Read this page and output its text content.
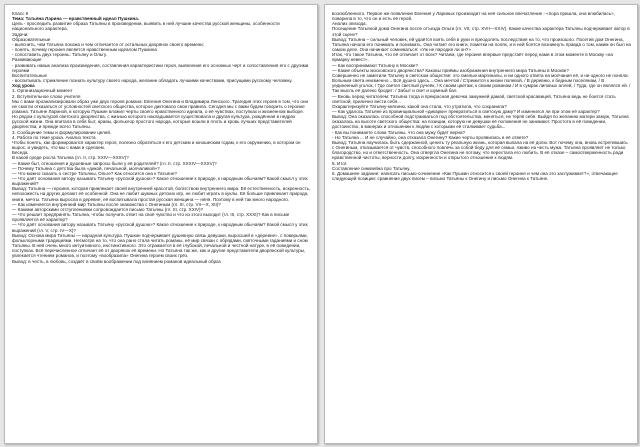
Класс 9

Тема: Татьяна Ларина — нравственный идеал Пушкина.

Цель - проследить развитие образа Татьяны в произведении, выявить в ней лучшие качества русской женщины, особенности национального характера.

Задачи:

Образовательные

- выяснить, чем Татьяна похожа и чем отличается от остальных дворянок своего времени;

- понять, почему героиня является нравственным идеалом Пушкина

- сопоставить двух героинь: Татьяну и Ольгу.

Развивающие

- развивать навык анализа произведения, составления характеристики героя, выявления его основных черт и сопоставления его с другими героями

Воспитательные

- воспитывать стремление познать культуру своего народа, желание обладать лучшими качествами, присущими русскому человеку.

Ход урока

1. Организационный момент

2. Вступительное слово учителя

Мы с вами проанализировали образ уже двух героев романа: Евгения Онегина и Владимира Ленского. Трагедия этих героев в том, что они не смогли отказаться от условностей светского общества, которое диктовало свои правила. Сегодня мы с вами будем говорить о героине романа. Татьяне Лариной, в которую Пушкин вложил черты своего нравственного идеала, о её чувствах, поступках и жизненном выборе.

Но рядом с культурой светского дворянства, с жизнью которого накладывается существовала и другая культура, рождённая в недрах русской жизни. Она впитала в себя быт, нравы, фольклор простого народа, которые вошли в плоть и кровь лучших представителей дворянства, и прежде всего Татьяны.

3. Сообщение темы и формулирование целей.

4. Работа по теме урока. Анализ текста

Чтобы понять, как формировался характер героя, полезно обратиться к его детским и юношеским годам, к его окружению, в котором он вырос, и увидеть, что мы с вами и сделаем.

Беседа.

В какой среде росла Татьяна (гл. II, стр. XXIV—XXXV)?

— Какие быт, отношения и душевные запросы были у её родителей? (гл. II, стр. XXXIV—XXXV)?

— Почему Татьяна с детства была «дикой, печальной, молчаливой»?

— Что можно сказать о сестре Татьяны, Ольге? Как относится она к Татьяне?

— Что даёт основания автору называть Татьяну «русской душою»? Какое отношение к природе, к народным обычаям? Какой смысл у этих выражений?

Вывод: Татьяна — героиня, которая привлекает своей внутренней красотой, богатством внутреннего мира. Её естественность, искренность, непохожесть на других делают её особенной. Она не любит шумных детских игр, не любит играть в куклы. Её больше привлекает природа, книги, мечты. Татьяна выросла в деревне, её воспитывала простая русская женщина — няня. Поэтому в ней так много народного.

— Как изменяется внутренний мир Татьяны после знакомства с Онегиным (гл. III, стр. VII—X, XII)?

— Какими авторскими отступлениями сопровождается письмо Татьяны (гл. III, стр. XXIV)?

— Что решает предпринять Татьяна, чтобы получить ответ на своё чувство и что из этого выходит (гл. III, стр. XXXI)? Как в письме проявляется её характер?

— Что даёт основания автору называть Татьяну «русской душою»? Какое отношение к природе, к народным обычаям? Какой смысл у этих выражений (гл. V, стр. IV—X)?

Вывод: Основа мира Татьяны — народная культура. Пушкин подчеркивает душевную связь девушки, выросшей в «деревне», с поверьями, фольклорными традициями. Несмотря на то, что она рано стала читать романы, её мир связан с обрядами, святочными гаданиями и сном Татьяны. В ней очень много интуитивного, инстинктивного. Это отражается в её глубокой, печальной и честной натуре, в её поведении, поступках. Всё перечисленное отличает её от дворянок её времени. Но Татьяна так же, как и другие представители дворянской культуры, увлекается чтением романов, и поэтому «вообразила» Онегина героем своих грёз.

Вывод: в честь, в любовь, создаёт в своём воображении под влиянием романов идеальный образ

возлюбленного. Первое же появление Евгения у Лариных производит на неё сильное впечатление - «пора пришла, она влюбилась», поверила в то, что он и есть её герой.

Анализ эпизода.

Посещение Татьяной дома Онегина после отъезда Ольги (гл. VII, стр. XVII—XXIV). Какие качества характера Татьяны подчеркивает автор в этой сцене?

Вывод: Татьяна – сильный человек, ей удаётся взять себя в руки и преодолеть последствия на то, что произошло. Посетив дом Онегина, Татьяна начала его понимать и познавать. Она читает его книги, пометки на полях, и в ней боятся возникнуть правда о том, каким он был на самом деле. Она начинает сомневаться: «Уж не пародия ли он?»

Итак, что такое Татьяна, что её отличает от всех? Читаем, где героиня впервые предстаёт перед нами в этом моменте в Москву «на ярмарку невест».

— Как воспринимают Татьяну в Москве?

— Какие объекты московского дворянства? Каковы приёмы изображения внутреннего мира Татьяны в Москве?

Совершенно не заметили Татьяну в светском обществе: это смелые маргиналы, и ни одного ответа на молчания её, и ни одного не поняли.

Вольным света неизменно... Всё душно здесь... Она мечтой / Стремится к жизни полевой, / В деревню, к бедным поселянам, / В уединенный уголок, / Где светел светлый ручеёк, / К своим цветам, к своим романам / И в сумрак липовых аллей, / Туда, где он являлся ей. / Так мысль её далеко бродит: / Забыт и свет и шумный бал.

— Вновь перед читателем: Татьяна тогда и прекрасная девочка замужней дамой, светской красавицей, Татьяна ведь не боится стать светской, прилично вести себя...

Охарактеризуйте Татьяну-княгиню, какой она стала, что утратила, что сохранила?

— Как удалось Татьяне из провинциальной «дикарки» превратиться в светскую даму? И изменился ли при этом её характер?

Вывод: Она оказалась способной подстраиваться под обстоятельства, меняться, не теряя себя. Выйдя по желанию матери замуж, Татьяна оказалась на высоте светского общества: на позиции, которую не девушки её положения не занимают. Простота в её поведении, достоинство, в манерах и отношении к людям с которыми её сталкивает судьба...

- Как вы понимаете слова Татьяны, что она мужу будет верна?

- Но Татьяна ... И не случайно, она отказала Онегину? Какие черты проявились в её ответе?

Вывод: Татьяна научилась быть сдержанной, ценить ту реальную жизнь, которая выпала на её долю. Вот почему она, вновь встретившись с Онегиным, отказывается от чувств, способного повлечь за собой беду для её семьи, лживо на честь мужа. Татьяна проявляет не только благородство, но и ответственность. Она отвергла Онегина не потому, что перестала его любить. В её отказе – самоотверженность ради нравственной чистоты, верности долгу, искренности и открытого отношения к людям.

5. Итог.

Составление синквейна про Татьяну.

6. Домашнее задание: написать письмо-сочинение «Как Пушкин относится к своей героине и чем она это заслуживает?», отвечающее следующей позиции: сравнение двух писем – письмо Татьяны к Онегину и письмо Онегина к Татьяне.
